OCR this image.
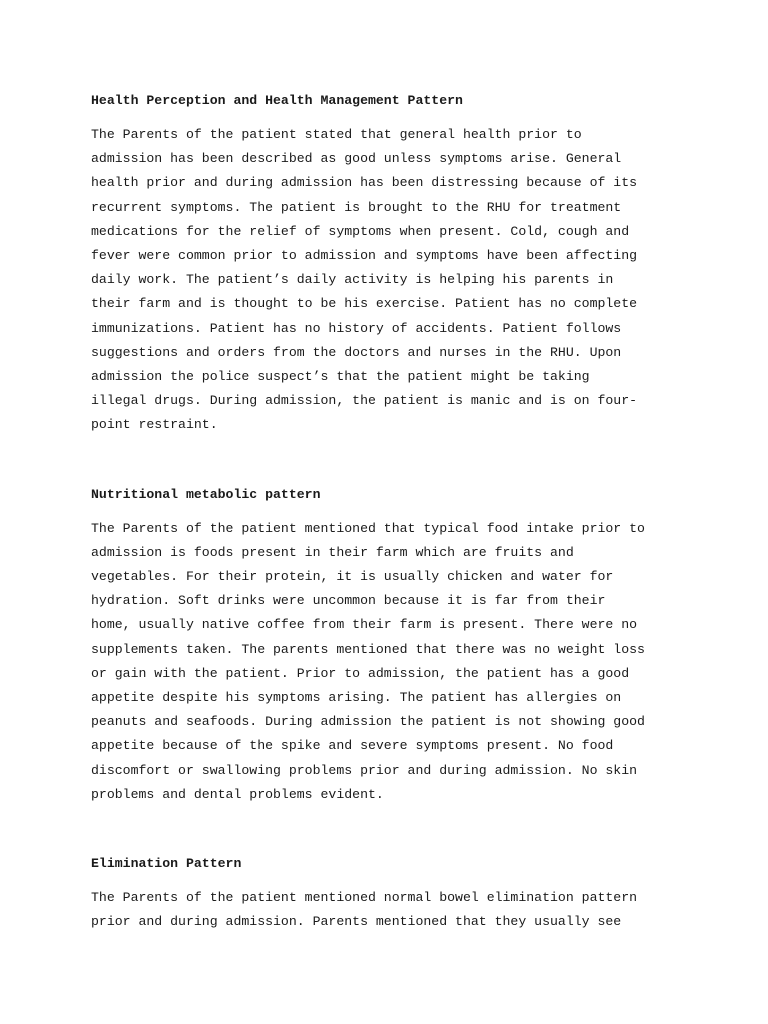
Health Perception and Health Management Pattern

The Parents of the patient stated that general health prior to
admission has been described as good unless symptoms arise. General
health prior and during admission has been distressing because of its
recurrent symptoms. The patient is brought to the RHU for treatment
medications for the relief of symptoms when present. Cold, cough and
fever were common prior to admission and symptoms have been affecting
daily work. The patient’s daily activity is helping his parents in
their farm and is thought to be his exercise. Patient has no complete
immunizations. Patient has no history of accidents. Patient follows
suggestions and orders from the doctors and nurses in the RHU. Upon
admission the police suspect’s that the patient might be taking
illegal drugs. During admission, the patient is manic and is on four-
point restraint.

Nutritional metabolic pattern

The Parents of the patient mentioned that typical food intake prior to
admission is foods present in their farm which are fruits and
vegetables. For their protein, it is usually chicken and water for
hydration. Soft drinks were uncommon because it is far from their
home, usually native coffee from their farm is present. There were no
supplements taken. The parents mentioned that there was no weight loss
or gain with the patient. Prior to admission, the patient has a good
appetite despite his symptoms arising. The patient has allergies on
peanuts and seafoods. During admission the patient is not showing good
appetite because of the spike and severe symptoms present. No food
discomfort or swallowing problems prior and during admission. No skin
problems and dental problems evident.

Elimination Pattern

The Parents of the patient mentioned normal bowel elimination pattern
prior and during admission. Parents mentioned that they usually see
